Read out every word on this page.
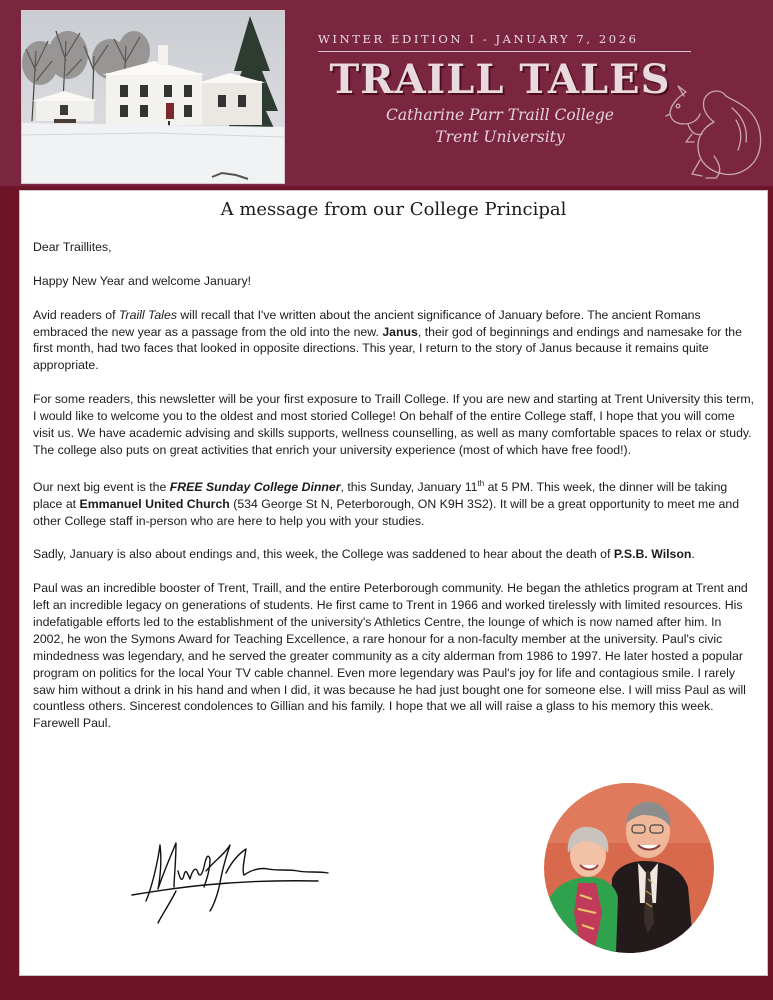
WINTER EDITION I - JANUARY 7, 2026
TRAILL TALES
Catharine Parr Traill College
Trent University
A message from our College Principal

Dear Traillites,

Happy New Year and welcome January!

Avid readers of Traill Tales will recall that I've written about the ancient significance of January before. The ancient Romans embraced the new year as a passage from the old into the new. Janus, their god of beginnings and endings and namesake for the first month, had two faces that looked in opposite directions. This year, I return to the story of Janus because it remains quite appropriate.

For some readers, this newsletter will be your first exposure to Traill College. If you are new and starting at Trent University this term, I would like to welcome you to the oldest and most storied College! On behalf of the entire College staff, I hope that you will come visit us. We have academic advising and skills supports, wellness counselling, as well as many comfortable spaces to relax or study. The college also puts on great activities that enrich your university experience (most of which have free food!).

Our next big event is the FREE Sunday College Dinner, this Sunday, January 11th at 5 PM. This week, the dinner will be taking place at Emmanuel United Church (534 George St N, Peterborough, ON K9H 3S2). It will be a great opportunity to meet me and other College staff in-person who are here to help you with your studies.

Sadly, January is also about endings and, this week, the College was saddened to hear about the death of P.S.B. Wilson.

Paul was an incredible booster of Trent, Traill, and the entire Peterborough community. He began the athletics program at Trent and left an incredible legacy on generations of students. He first came to Trent in 1966 and worked tirelessly with limited resources. His indefatigable efforts led to the establishment of the university's Athletics Centre, the lounge of which is now named after him. In 2002, he won the Symons Award for Teaching Excellence, a rare honour for a non-faculty member at the university. Paul's civic mindedness was legendary, and he served the greater community as a city alderman from 1986 to 1997. He later hosted a popular program on politics for the local Your TV cable channel. Even more legendary was Paul's joy for life and contagious smile. I rarely saw him without a drink in his hand and when I did, it was because he had just bought one for someone else. I will miss Paul as will countless others. Sincerest condolences to Gillian and his family. I hope that we all will raise a glass to his memory this week. Farewell Paul.
